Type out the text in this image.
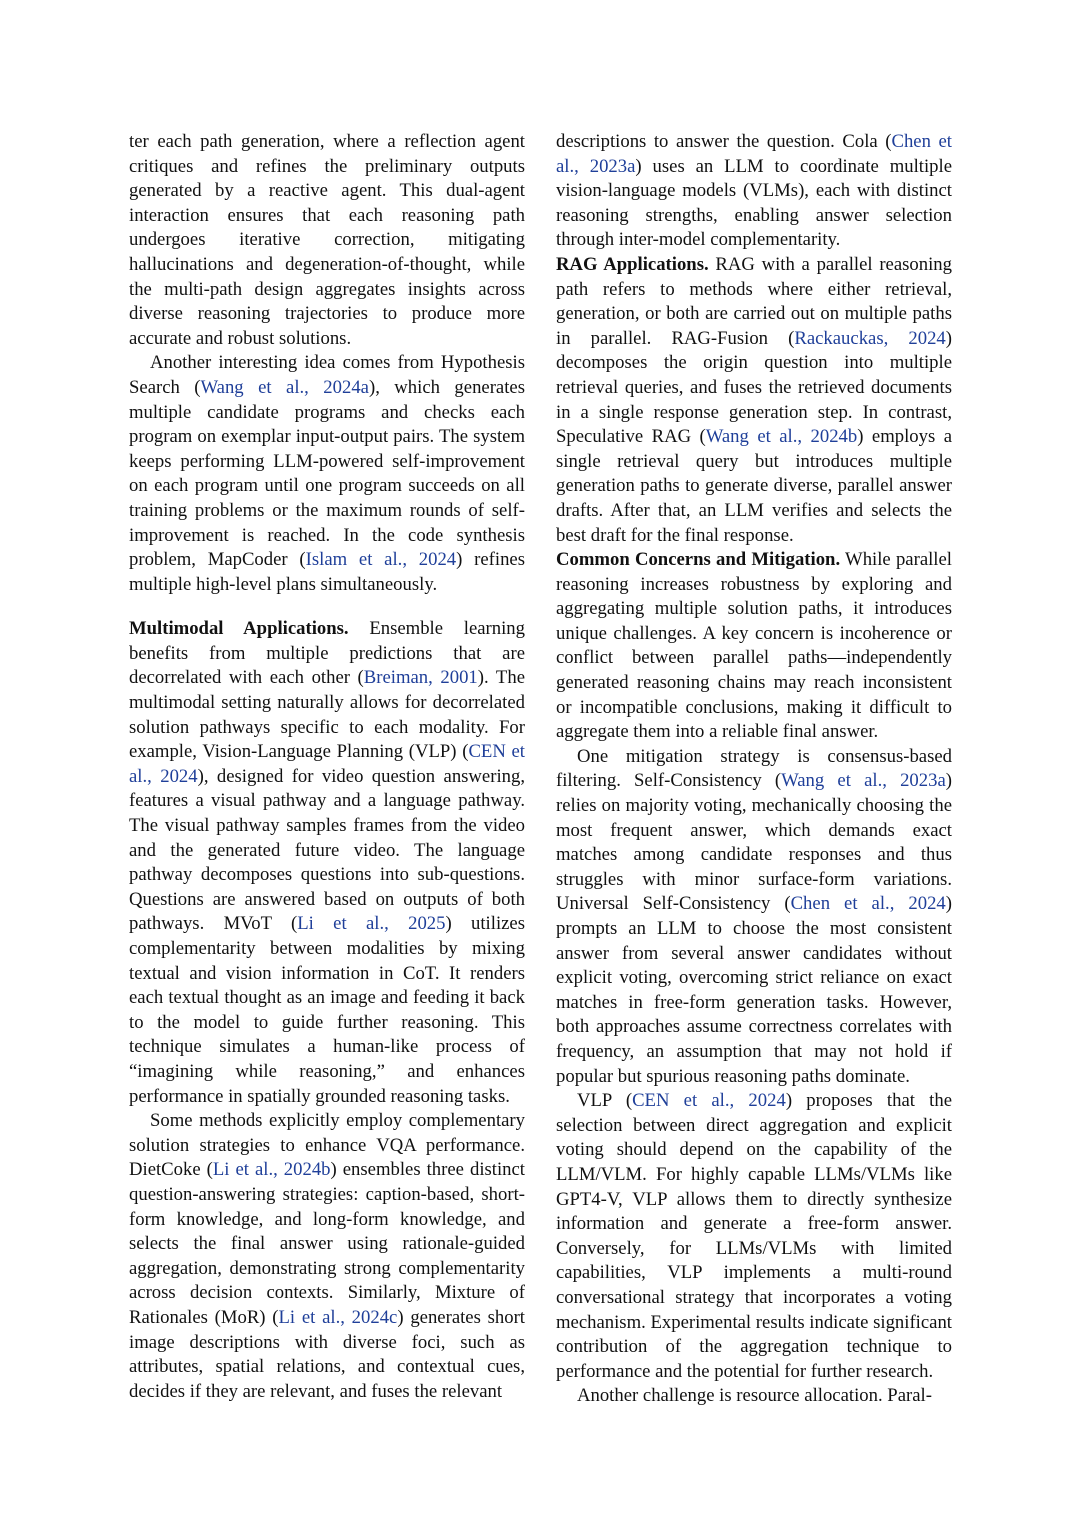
ter each path generation, where a reflection agent critiques and refines the preliminary outputs generated by a reactive agent. This dual-agent interaction ensures that each reasoning path undergoes iterative correction, mitigating hallucinations and degeneration-of-thought, while the multi-path design aggregates insights across diverse reasoning trajectories to produce more accurate and robust solutions.

Another interesting idea comes from Hypothesis Search (Wang et al., 2024a), which generates multiple candidate programs and checks each program on exemplar input-output pairs. The system keeps performing LLM-powered self-improvement on each program until one program succeeds on all training problems or the maximum rounds of self-improvement is reached. In the code synthesis problem, MapCoder (Islam et al., 2024) refines multiple high-level plans simultaneously.

Multimodal Applications. Ensemble learning benefits from multiple predictions that are decorrelated with each other (Breiman, 2001). The multimodal setting naturally allows for decorrelated solution pathways specific to each modality. For example, Vision-Language Planning (VLP) (CEN et al., 2024), designed for video question answering, features a visual pathway and a language pathway. The visual pathway samples frames from the video and the generated future video. The language pathway decomposes questions into sub-questions. Questions are answered based on outputs of both pathways. MVoT (Li et al., 2025) utilizes complementarity between modalities by mixing textual and vision information in CoT. It renders each textual thought as an image and feeding it back to the model to guide further reasoning. This technique simulates a human-like process of “imagining while reasoning,” and enhances performance in spatially grounded reasoning tasks.

Some methods explicitly employ complementary solution strategies to enhance VQA performance. DietCoke (Li et al., 2024b) ensembles three distinct question-answering strategies: caption-based, short-form knowledge, and long-form knowledge, and selects the final answer using rationale-guided aggregation, demonstrating strong complementarity across decision contexts. Similarly, Mixture of Rationales (MoR) (Li et al., 2024c) generates short image descriptions with diverse foci, such as attributes, spatial relations, and contextual cues, decides if they are relevant, and fuses the relevant

descriptions to answer the question. Cola (Chen et al., 2023a) uses an LLM to coordinate multiple vision-language models (VLMs), each with distinct reasoning strengths, enabling answer selection through inter-model complementarity.

RAG Applications. RAG with a parallel reasoning path refers to methods where either retrieval, generation, or both are carried out on multiple paths in parallel. RAG-Fusion (Rackauckas, 2024) decomposes the origin question into multiple retrieval queries, and fuses the retrieved documents in a single response generation step. In contrast, Speculative RAG (Wang et al., 2024b) employs a single retrieval query but introduces multiple generation paths to generate diverse, parallel answer drafts. After that, an LLM verifies and selects the best draft for the final response.

Common Concerns and Mitigation. While parallel reasoning increases robustness by exploring and aggregating multiple solution paths, it introduces unique challenges. A key concern is incoherence or conflict between parallel paths—independently generated reasoning chains may reach inconsistent or incompatible conclusions, making it difficult to aggregate them into a reliable final answer.

One mitigation strategy is consensus-based filtering. Self-Consistency (Wang et al., 2023a) relies on majority voting, mechanically choosing the most frequent answer, which demands exact matches among candidate responses and thus struggles with minor surface-form variations. Universal Self-Consistency (Chen et al., 2024) prompts an LLM to choose the most consistent answer from several answer candidates without explicit voting, overcoming strict reliance on exact matches in free-form generation tasks. However, both approaches assume correctness correlates with frequency, an assumption that may not hold if popular but spurious reasoning paths dominate.

VLP (CEN et al., 2024) proposes that the selection between direct aggregation and explicit voting should depend on the capability of the LLM/VLM. For highly capable LLMs/VLMs like GPT4-V, VLP allows them to directly synthesize information and generate a free-form answer. Conversely, for LLMs/VLMs with limited capabilities, VLP implements a multi-round conversational strategy that incorporates a voting mechanism. Experimental results indicate significant contribution of the aggregation technique to performance and the potential for further research.

Another challenge is resource allocation. Paral-
